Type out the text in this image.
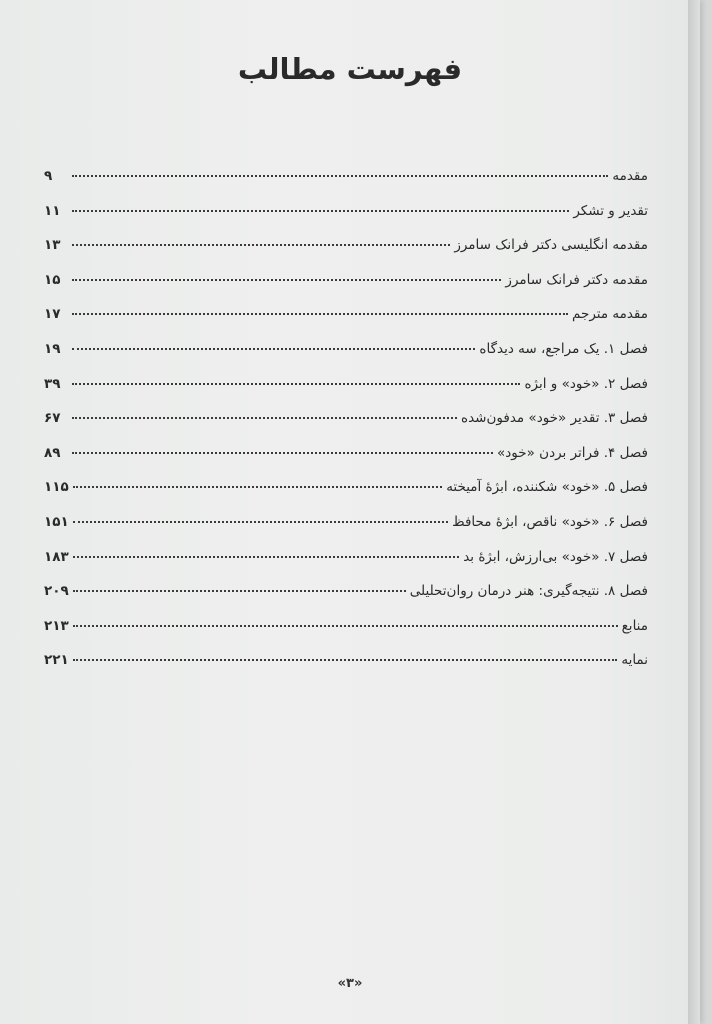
فهرست مطالب
مقدمه
۹
تقدیر و تشکر
۱۱
مقدمه انگلیسی دکتر فرانک سامرز
۱۳
مقدمه دکتر فرانک سامرز
۱۵
مقدمه مترجم
۱۷
فصل ۱. یک مراجع، سه دیدگاه
۱۹
فصل ۲. «خود» و ابژه
۳۹
فصل ۳. تقدیر «خود» مدفون‌شده
۶۷
فصل ۴. فراتر بردن «خود»
۸۹
فصل ۵. «خود» شکننده، ابژهٔ آمیخته
۱۱۵
فصل ۶. «خود» ناقص، ابژهٔ محافظ
۱۵۱
فصل ۷. «خود» بی‌ارزش، ابژهٔ بد
۱۸۳
فصل ۸. نتیجه‌گیری: هنر درمان روان‌تحلیلی
۲۰۹
منابع
۲۱۳
نمایه
۲۲۱
«۳»
